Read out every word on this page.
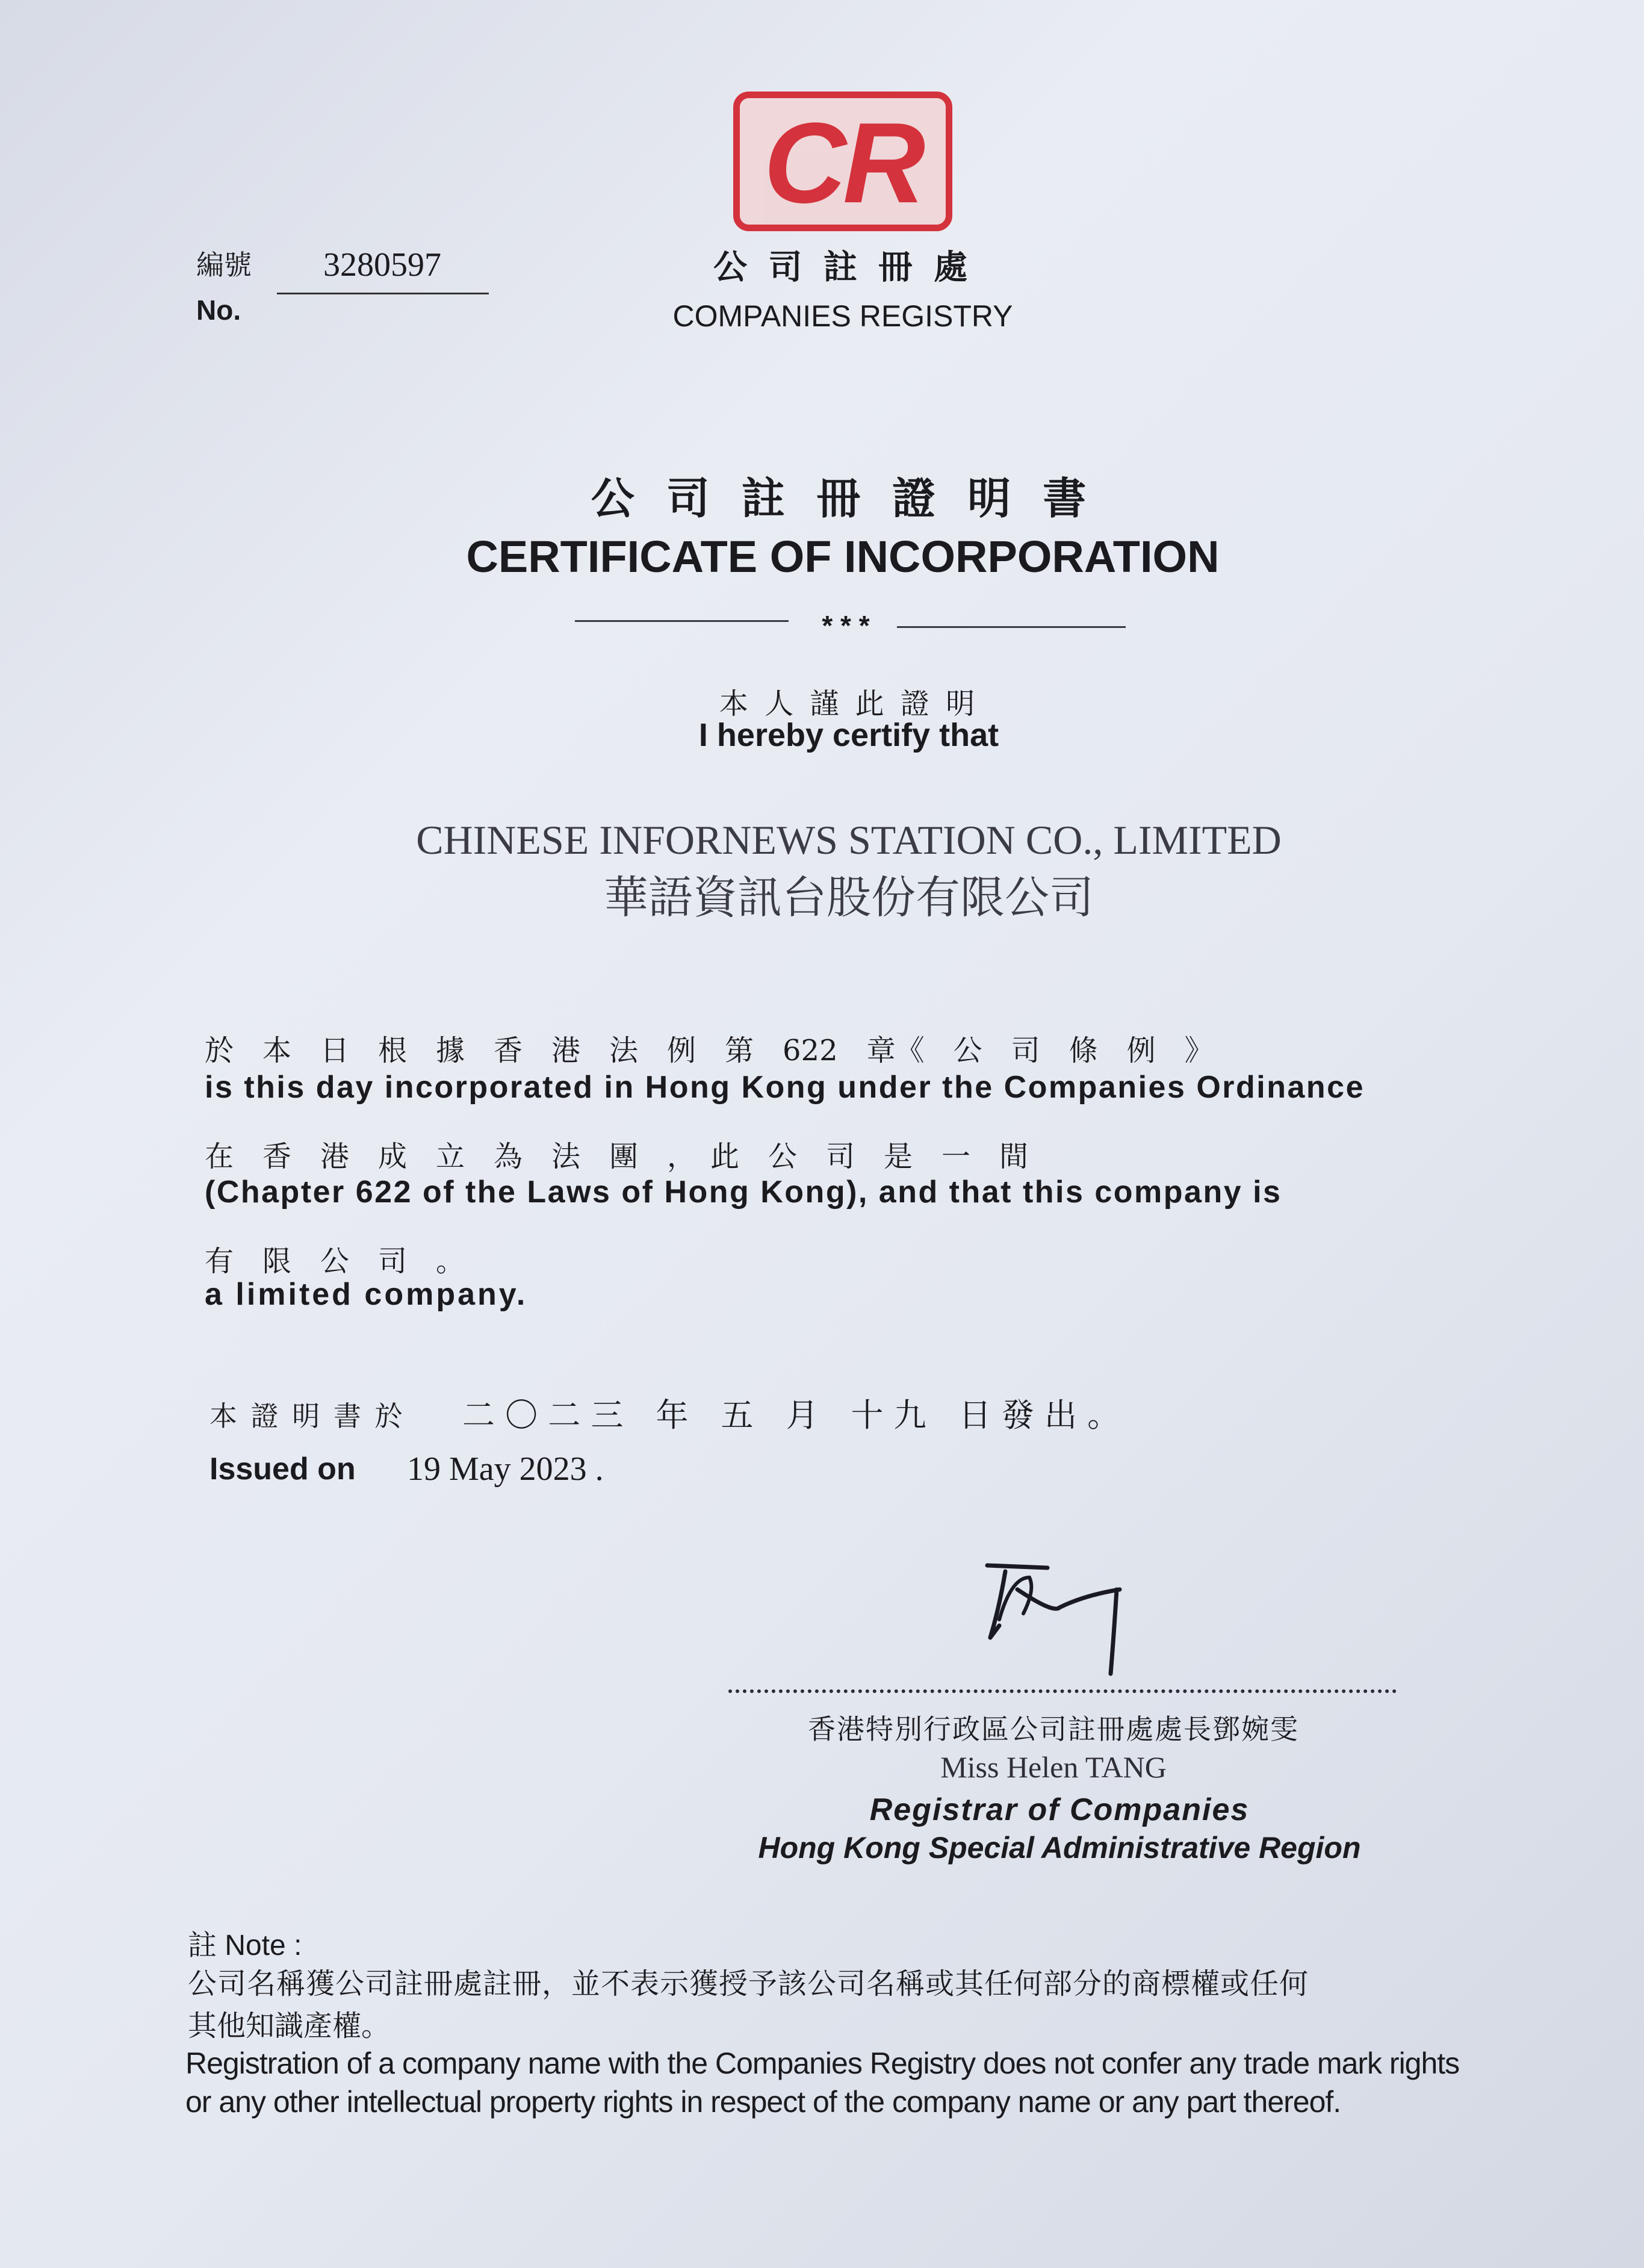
CR
公 司 註 冊 處
COMPANIES REGISTRY
編號
No.
3280597
公 司 註 冊 證 明 書
CERTIFICATE OF INCORPORATION
* * *
本 人 謹 此 證 明
I hereby certify that
CHINESE INFORNEWS STATION CO., LIMITED
華語資訊台股份有限公司
於　本　日　根　據　香　港　法　例　第　622　章《　公　司　條　例　》
is this day incorporated in Hong Kong under the Companies Ordinance
在　香　港　成　立　為　法　團　，　此　公　司　是　一　間
(Chapter 622 of the Laws of Hong Kong), and that this company is
有　限　公　司　。
a limited company.
本 證 明 書 於 二 〇 二 三　年　五　月　十 九　日 發 出 。
Issued on 19 May 2023 .
香港特別行政區公司註冊處處長鄧婉雯
Miss Helen TANG
Registrar of Companies
Hong Kong Special Administrative Region
註 Note :
公司名稱獲公司註冊處註冊，並不表示獲授予該公司名稱或其任何部分的商標權或任何
其他知識產權。
Registration of a company name with the Companies Registry does not confer any trade mark rights
or any other intellectual property rights in respect of the company name or any part thereof.
